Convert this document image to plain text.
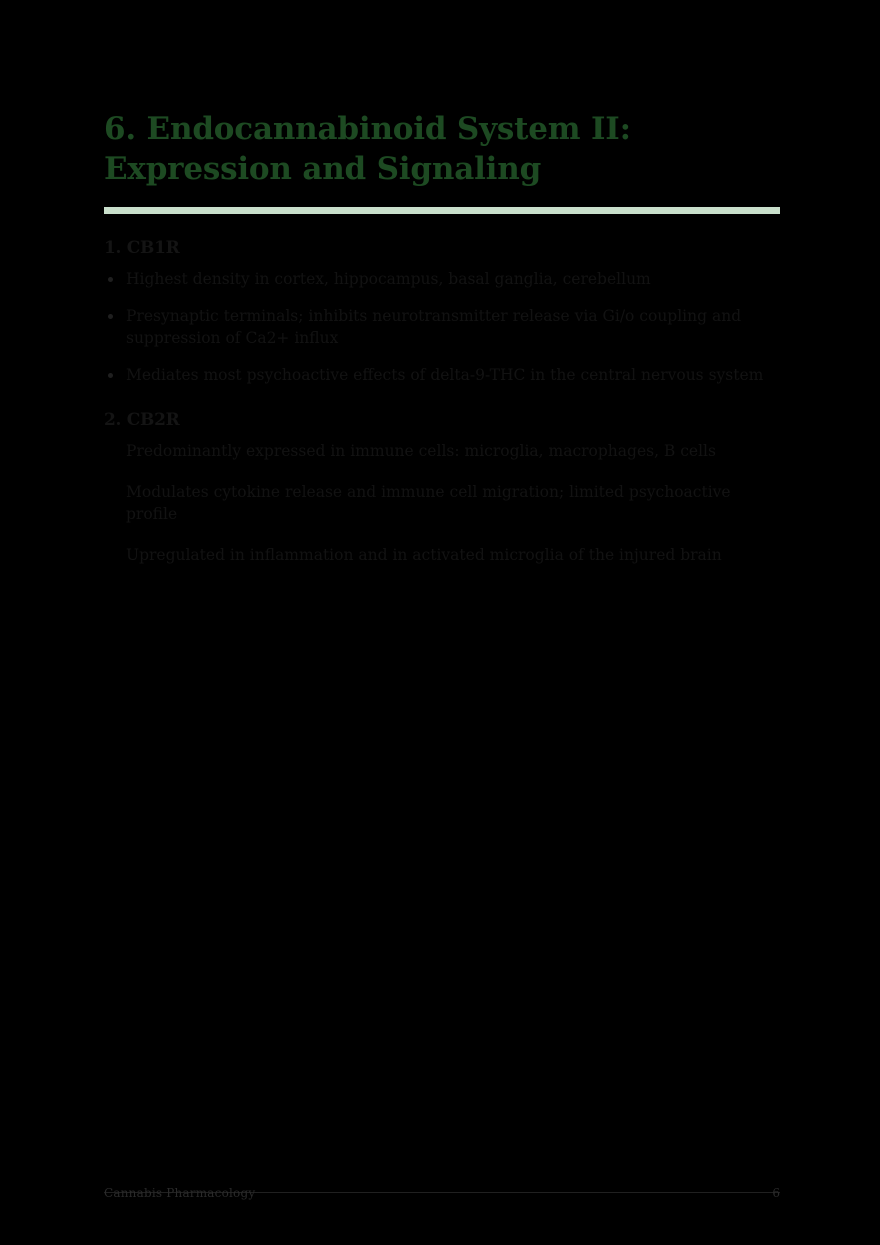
6. Endocannabinoid System II: Expression and Signaling
1. CB1R
Highest density in cortex, hippocampus, basal ganglia, cerebellum
Presynaptic terminals; inhibits neurotransmitter release via Gi/o coupling and suppression of Ca2+ influx
Mediates most psychoactive effects of delta-9-THC in the central nervous system
2. CB2R
Predominantly expressed in immune cells: microglia, macrophages, B cells
Modulates cytokine release and immune cell migration; limited psychoactive profile
Upregulated in inflammation and in activated microglia of the injured brain
Cannabis Pharmacology	6
